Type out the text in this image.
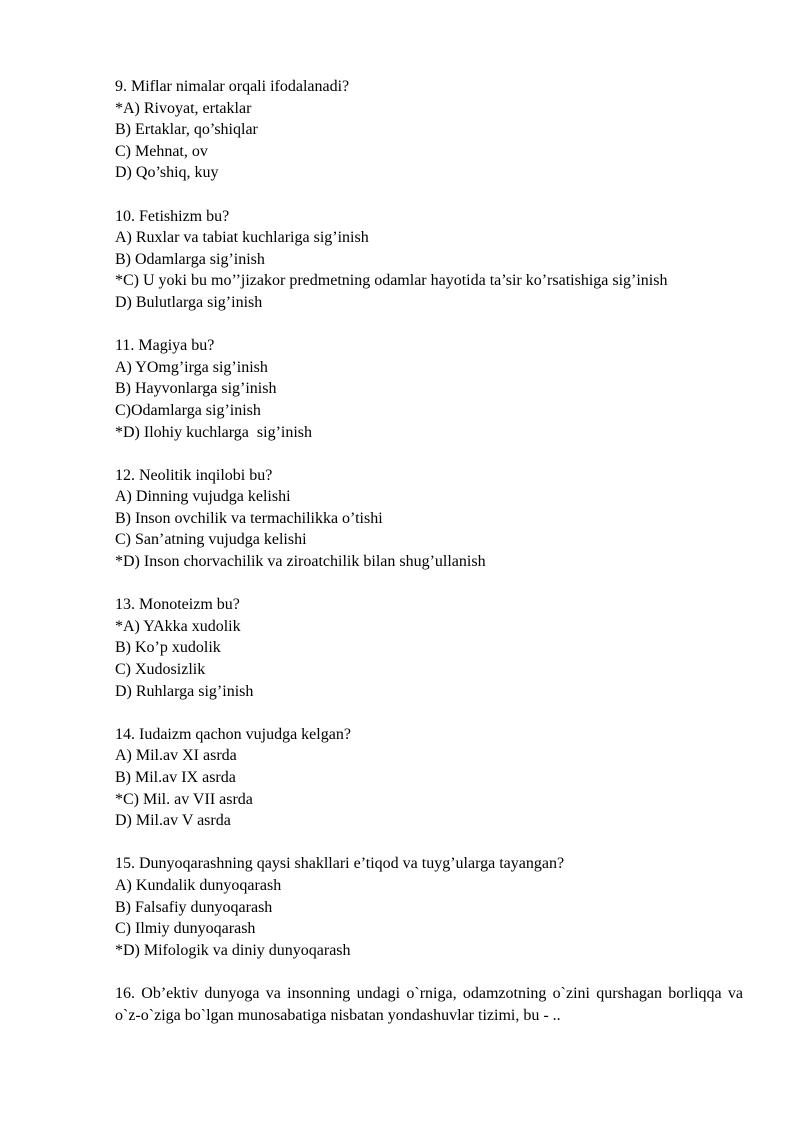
9. Miflar nimalar orqali ifodalanadi?
*A) Rivoyat, ertaklar
B) Ertaklar, qo’shiqlar
C) Mehnat, ov
D) Qo’shiq, kuy
10. Fetishizm bu?
A) Ruxlar va tabiat kuchlariga sig’inish
B) Odamlarga sig’inish
*C) U yoki bu mo’’jizakor predmetning odamlar hayotida ta’sir ko’rsatishiga sig’inish
D) Bulutlarga sig’inish
11. Magiya bu?
A) YOmg’irga sig’inish
B) Hayvonlarga sig’inish
C)Odamlarga sig’inish
*D) Ilohiy kuchlarga  sig’inish
12. Neolitik inqilobi bu?
A) Dinning vujudga kelishi
B) Inson ovchilik va termachilikka o’tishi
C) San’atning vujudga kelishi
*D) Inson chorvachilik va ziroatchilik bilan shug’ullanish
13. Monoteizm bu?
*A) YAkka xudolik
B) Ko’p xudolik
C) Xudosizlik
D) Ruhlarga sig’inish
14. Iudaizm qachon vujudga kelgan?
A) Mil.av XI asrda
B) Mil.av IX asrda
*C) Mil. av VII asrda
D) Mil.av V asrda
15. Dunyoqarashning qaysi shakllari e’tiqod va tuyg’ularga tayangan?
A) Kundalik dunyoqarash
B) Falsafiy dunyoqarash
C) Ilmiy dunyoqarash
*D) Mifologik va diniy dunyoqarash
16. Ob’ektiv dunyoga va insonning undagi o`rniga, odamzotning o`zini qurshagan borliqqa va o`z-o`ziga bo`lgan munosabatiga nisbatan yondashuvlar tizimi, bu - ..
